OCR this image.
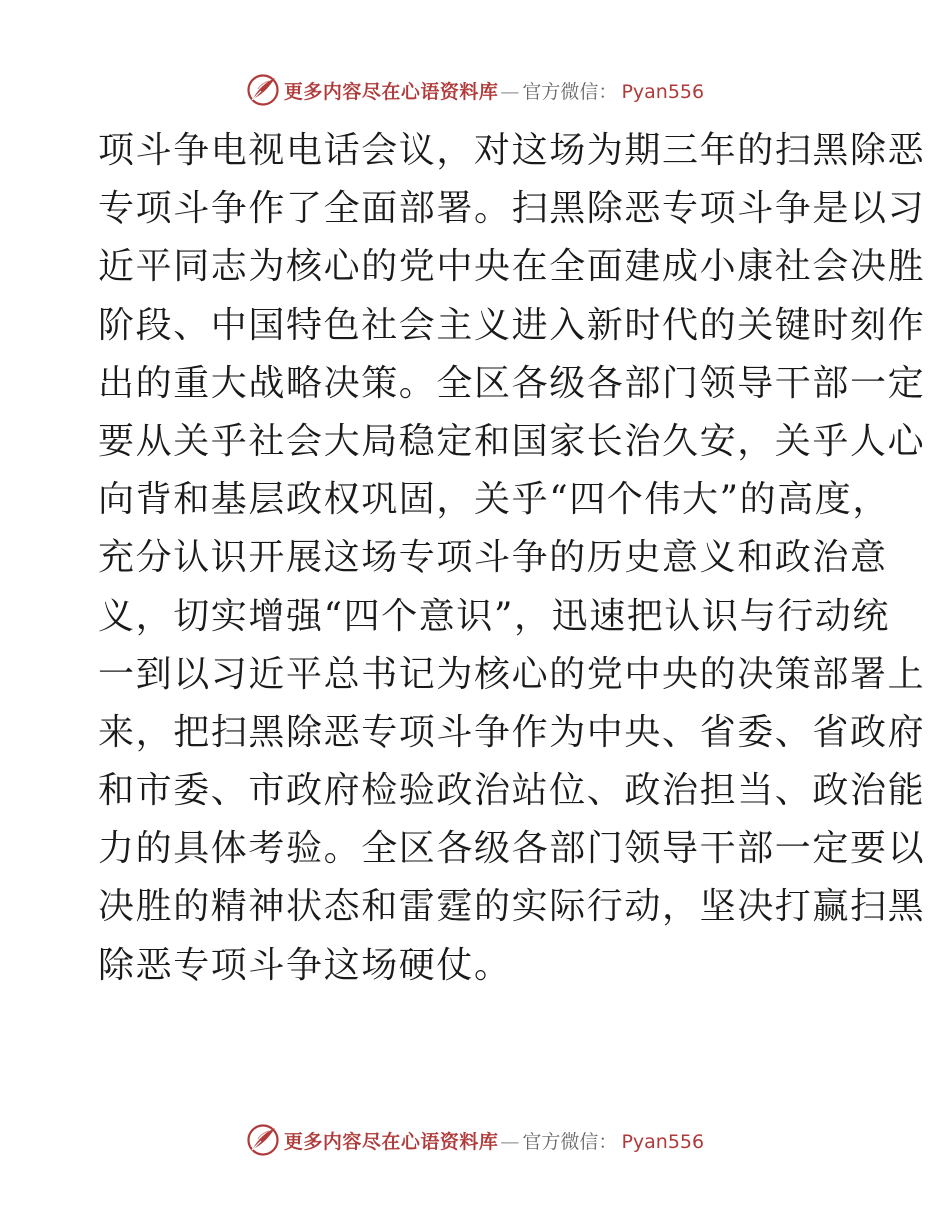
更多内容尽在心语资料库 — 官方微信： Pyan556
项斗争电视电话会议，对这场为期三年的扫黑除恶
专项斗争作了全面部署。扫黑除恶专项斗争是以习
近平同志为核心的党中央在全面建成小康社会决胜
阶段、中国特色社会主义进入新时代的关键时刻作
出的重大战略决策。全区各级各部门领导干部一定
要从关乎社会大局稳定和国家长治久安，关乎人心
向背和基层政权巩固，关乎“四个伟大”的高度，
充分认识开展这场专项斗争的历史意义和政治意
义，切实增强“四个意识”，迅速把认识与行动统
一到以习近平总书记为核心的党中央的决策部署上
来，把扫黑除恶专项斗争作为中央、省委、省政府
和市委、市政府检验政治站位、政治担当、政治能
力的具体考验。全区各级各部门领导干部一定要以
决胜的精神状态和雷霆的实际行动，坚决打赢扫黑
除恶专项斗争这场硬仗。
更多内容尽在心语资料库 — 官方微信： Pyan556
